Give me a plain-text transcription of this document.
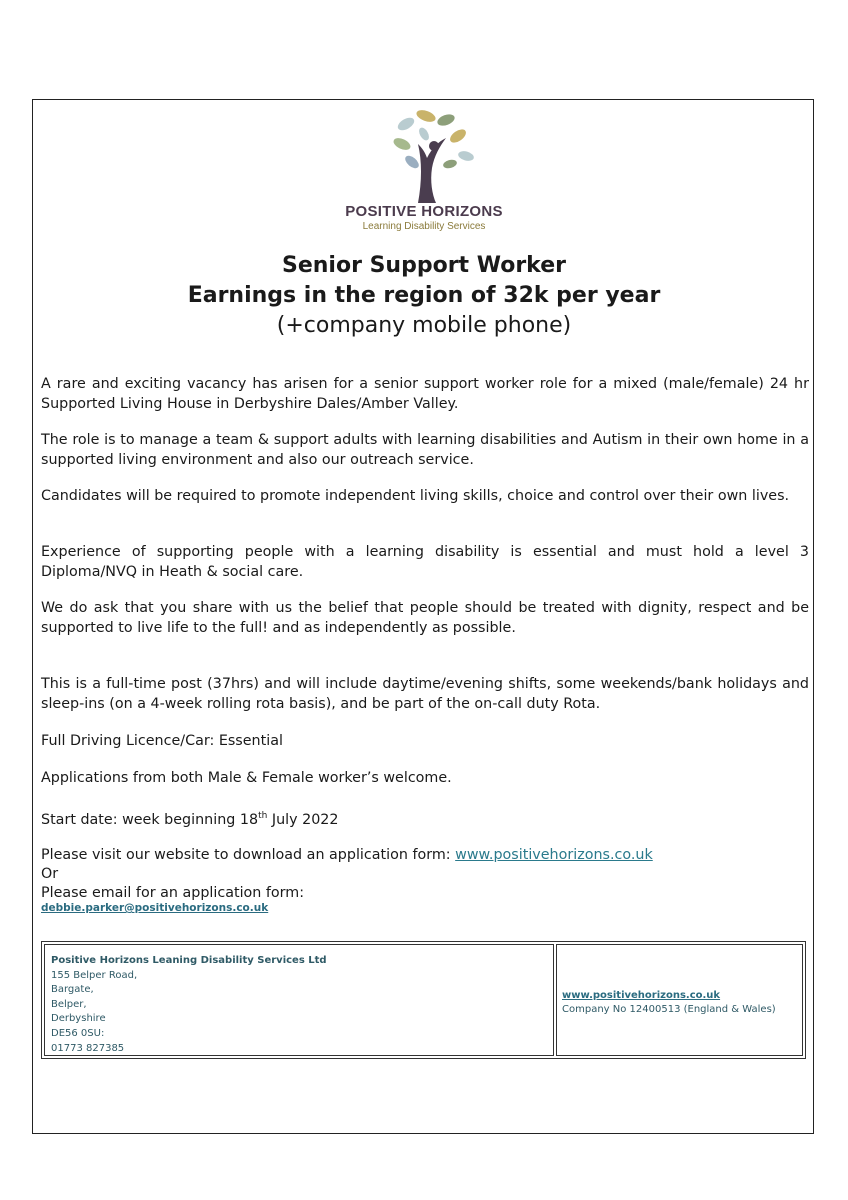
POSITIVE HORIZONS
Learning Disability Services
Senior Support Worker
Earnings in the region of 32k per year
(+company mobile phone)

A rare and exciting vacancy has arisen for a senior support worker role for a mixed (male/female) 24 hr Supported Living House in Derbyshire Dales/Amber Valley.

The role is to manage a team & support adults with learning disabilities and Autism in their own home in a supported living environment and also our outreach service.

Candidates will be required to promote independent living skills, choice and control over their own lives.

Experience of supporting people with a learning disability is essential and must hold a level 3 Diploma/NVQ in Heath & social care.

We do ask that you share with us the belief that people should be treated with dignity, respect and be supported to live life to the full! and as independently as possible.

This is a full-time post (37hrs) and will include daytime/evening shifts, some weekends/bank holidays and sleep-ins (on a 4-week rolling rota basis), and be part of the on-call duty Rota.

Full Driving Licence/Car: Essential

Applications from both Male & Female worker’s welcome.

Start date: week beginning 18th July 2022

Please visit our website to download an application form: www.positivehorizons.co.uk

Or

Please email for an application form:

debbie.parker@positivehorizons.co.uk
Positive Horizons Leaning Disability Services Ltd
155 Belper Road,
Bargate,
Belper,
Derbyshire
DE56 0SU:
01773 827385
www.positivehorizons.co.uk
Company No 12400513 (England & Wales)
